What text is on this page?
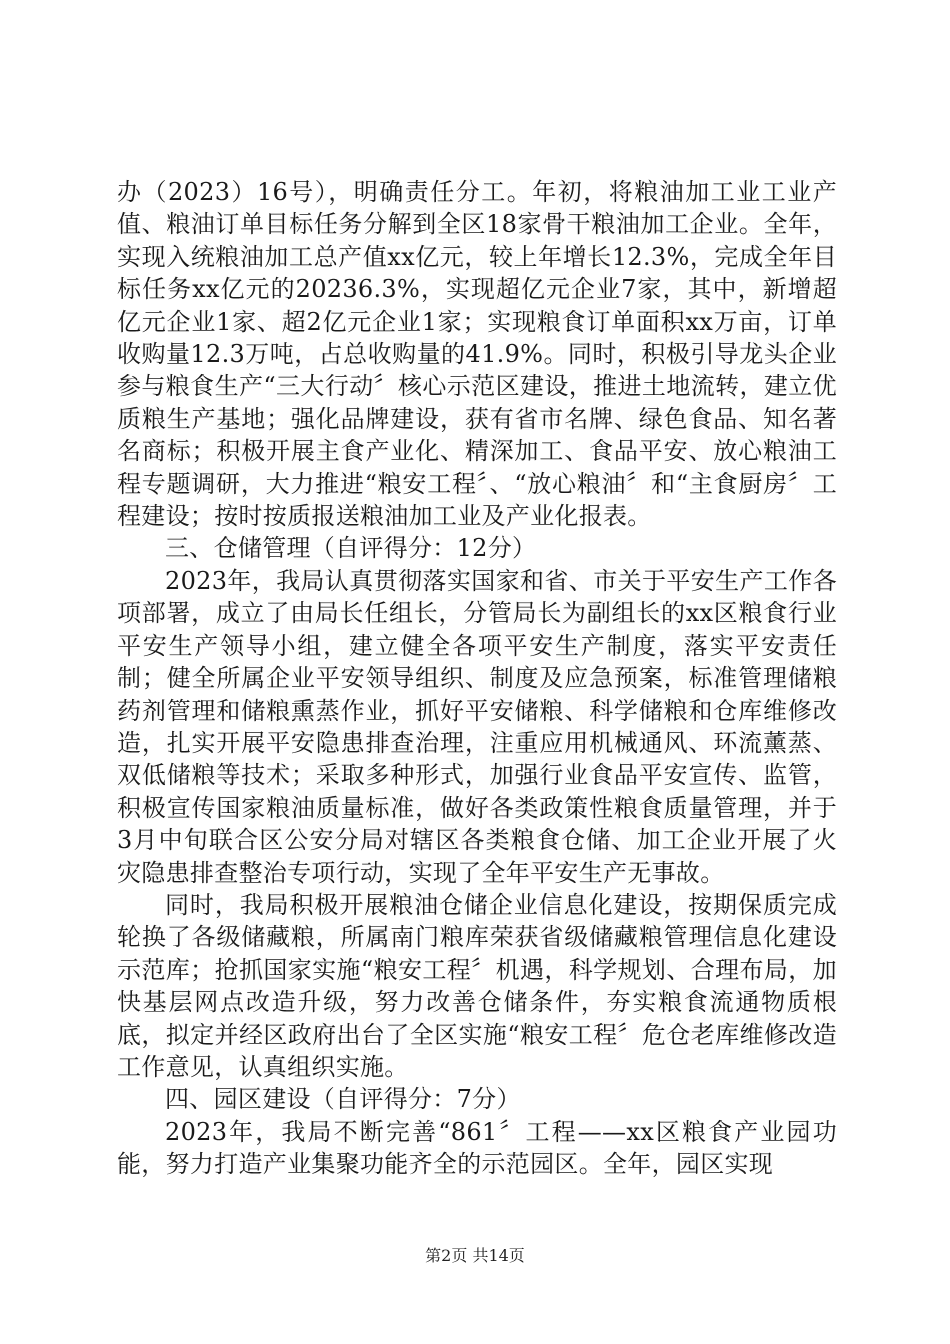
办（2023）16号），明确责任分工。年初，将粮油加工业工业产值、粮油订单目标任务分解到全区18家骨干粮油加工企业。全年，实现入统粮油加工总产值xx亿元，较上年增长12.3%，完成全年目标任务xx亿元的20236.3%，实现超亿元企业7家，其中，新增超亿元企业1家、超2亿元企业1家；实现粮食订单面积xx万亩，订单收购量12.3万吨，占总收购量的41.9%。同时，积极引导龙头企业参与粮食生产“三大行动〞核心示范区建设，推进土地流转，建立优质粮生产基地；强化品牌建设，获有省市名牌、绿色食品、知名著名商标；积极开展主食产业化、精深加工、食品平安、放心粮油工程专题调研，大力推进“粮安工程〞、“放心粮油〞和“主食厨房〞工程建设；按时按质报送粮油加工业及产业化报表。

三、仓储管理（自评得分：12分）

2023年，我局认真贯彻落实国家和省、市关于平安生产工作各项部署，成立了由局长任组长，分管局长为副组长的xx区粮食行业平安生产领导小组，建立健全各项平安生产制度，落实平安责任制；健全所属企业平安领导组织、制度及应急预案，标准管理储粮药剂管理和储粮熏蒸作业，抓好平安储粮、科学储粮和仓库维修改造，扎实开展平安隐患排查治理，注重应用机械通风、环流薰蒸、双低储粮等技术；采取多种形式，加强行业食品平安宣传、监管，积极宣传国家粮油质量标准，做好各类政策性粮食质量管理，并于3月中旬联合区公安分局对辖区各类粮食仓储、加工企业开展了火灾隐患排查整治专项行动，实现了全年平安生产无事故。

同时，我局积极开展粮油仓储企业信息化建设，按期保质完成轮换了各级储藏粮，所属南门粮库荣获省级储藏粮管理信息化建设示范库；抢抓国家实施“粮安工程〞机遇，科学规划、合理布局，加快基层网点改造升级，努力改善仓储条件，夯实粮食流通物质根底，拟定并经区政府出台了全区实施“粮安工程〞危仓老库维修改造工作意见，认真组织实施。

四、园区建设（自评得分：7分）

2023年，我局不断完善“861〞工程——xx区粮食产业园功能，努力打造产业集聚功能齐全的示范园区。全年，园区实现

第2页 共14页
